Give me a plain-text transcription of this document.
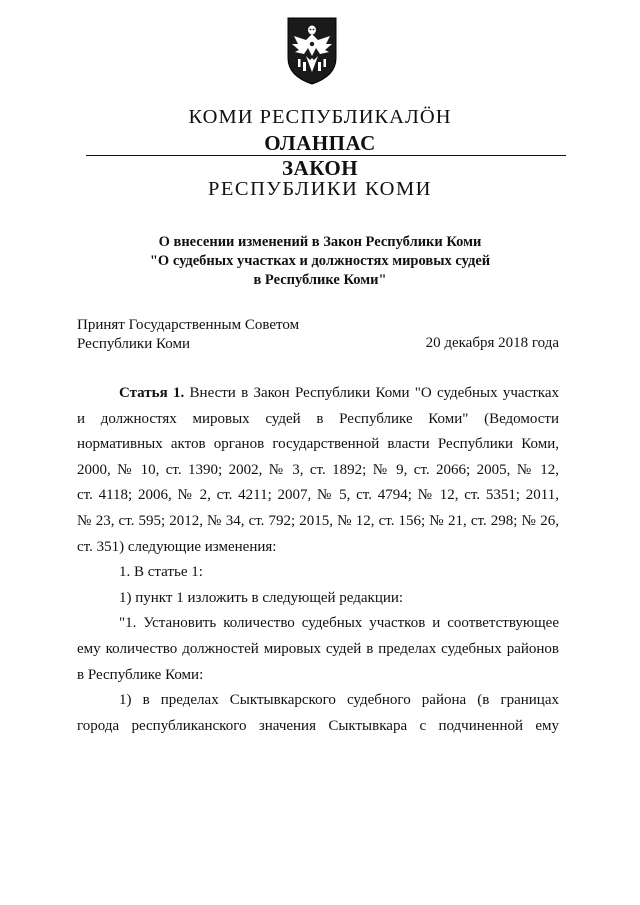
КОМИ РЕСПУБЛИКАЛӦН
ОЛАНПАС
ЗАКОН
РЕСПУБЛИКИ КОМИ
О внесении изменений в Закон Республики Коми
"О судебных участках и должностях мировых судей
в Республике Коми"
Принят Государственным Советом
Республики Коми	20 декабря 2018 года
Статья 1. Внести в Закон Республики Коми "О судебных участках
и должностях мировых судей в Республике Коми" (Ведомости
нормативных актов органов государственной власти Республики Коми,
2000, № 10, ст. 1390; 2002, № 3, ст. 1892; № 9, ст. 2066; 2005, № 12,
ст. 4118; 2006, № 2, ст. 4211; 2007, № 5, ст. 4794; № 12, ст. 5351; 2011,
№ 23, ст. 595; 2012, № 34, ст. 792; 2015, № 12, ст. 156; № 21, ст. 298; № 26,
ст. 351) следующие изменения:
1. В статье 1:
1) пункт 1 изложить в следующей редакции:
"1. Установить количество судебных участков и соответствующее
ему количество должностей мировых судей в пределах судебных районов
в Республике Коми:
1) в пределах Сыктывкарского судебного района (в границах
города республиканского значения Сыктывкара с подчиненной ему
